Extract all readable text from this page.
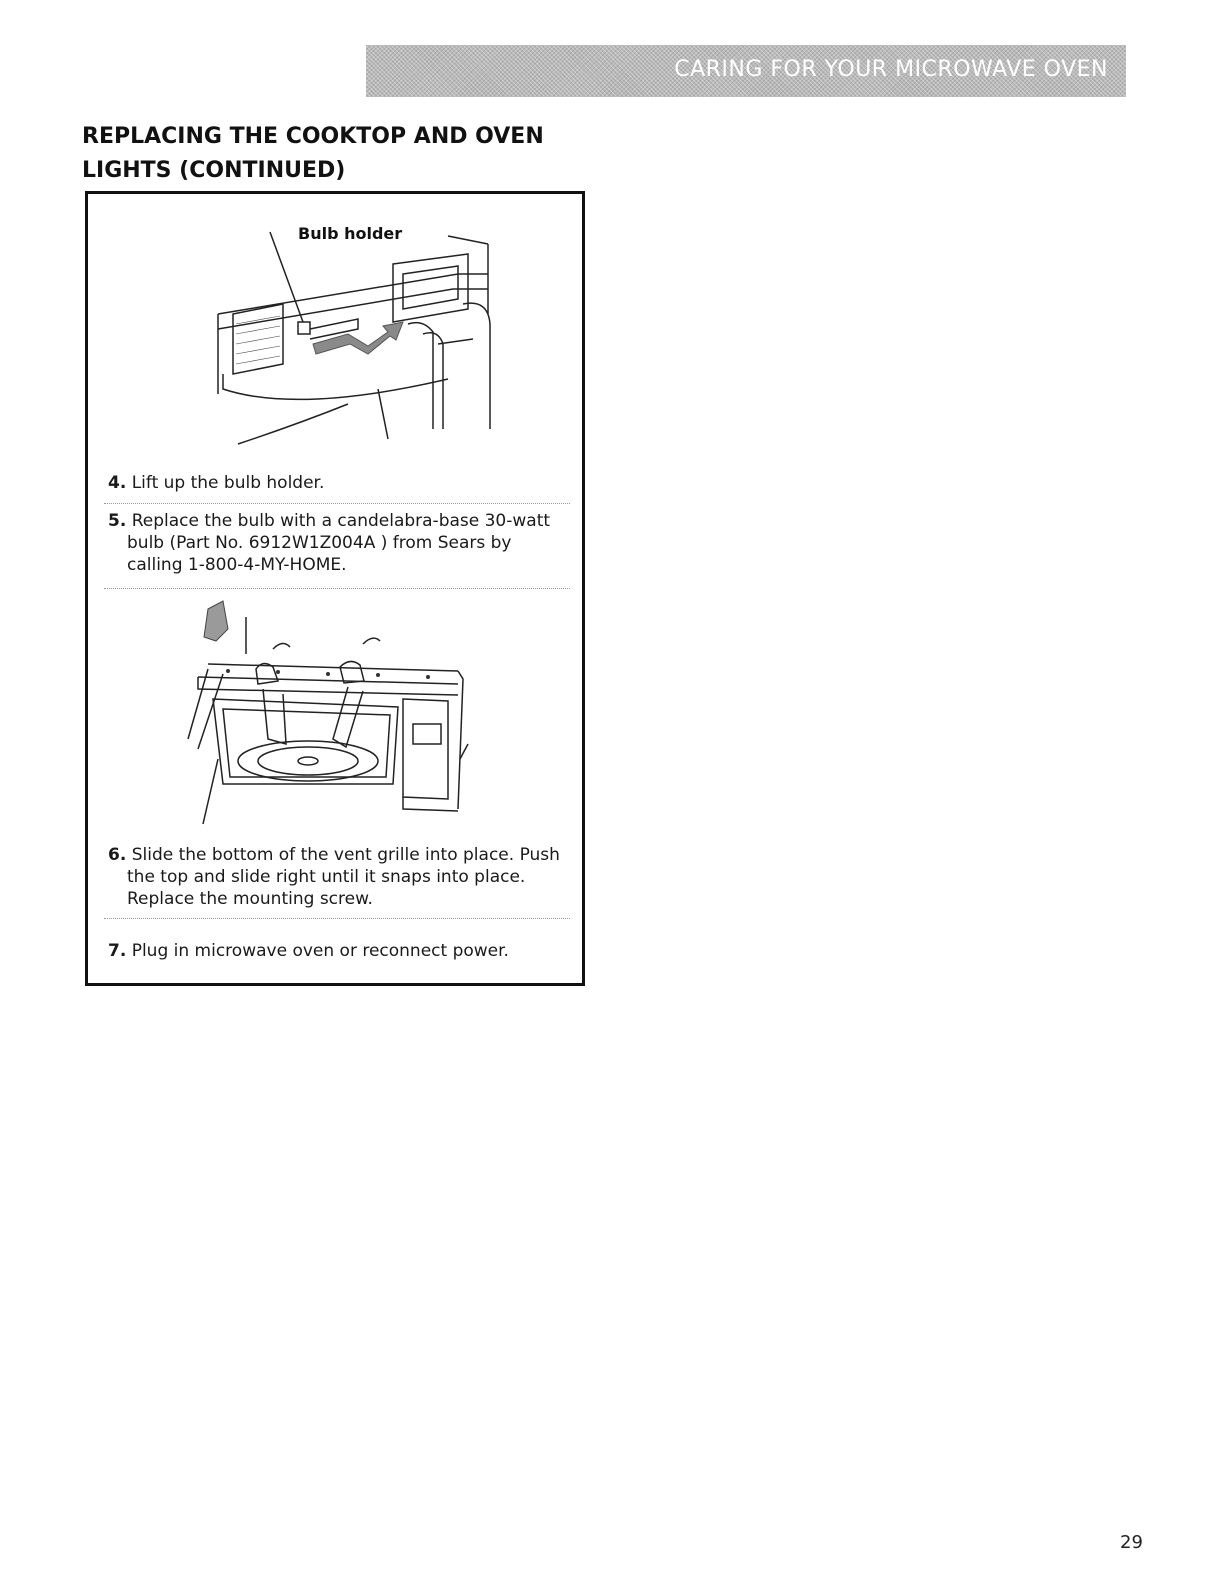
CARING FOR YOUR MICROWAVE OVEN
REPLACING THE COOKTOP AND OVEN
LIGHTS (CONTINUED)
Bulb holder
4. Lift up the bulb holder.
5. Replace the bulb with a candelabra-base 30-watt bulb (Part No. 6912W1Z004A ) from Sears by calling 1-800-4-MY-HOME.
6. Slide the bottom of the vent grille into place. Push the top and slide right until it snaps into place. Replace the mounting screw.
7. Plug in microwave oven or reconnect power.
29
